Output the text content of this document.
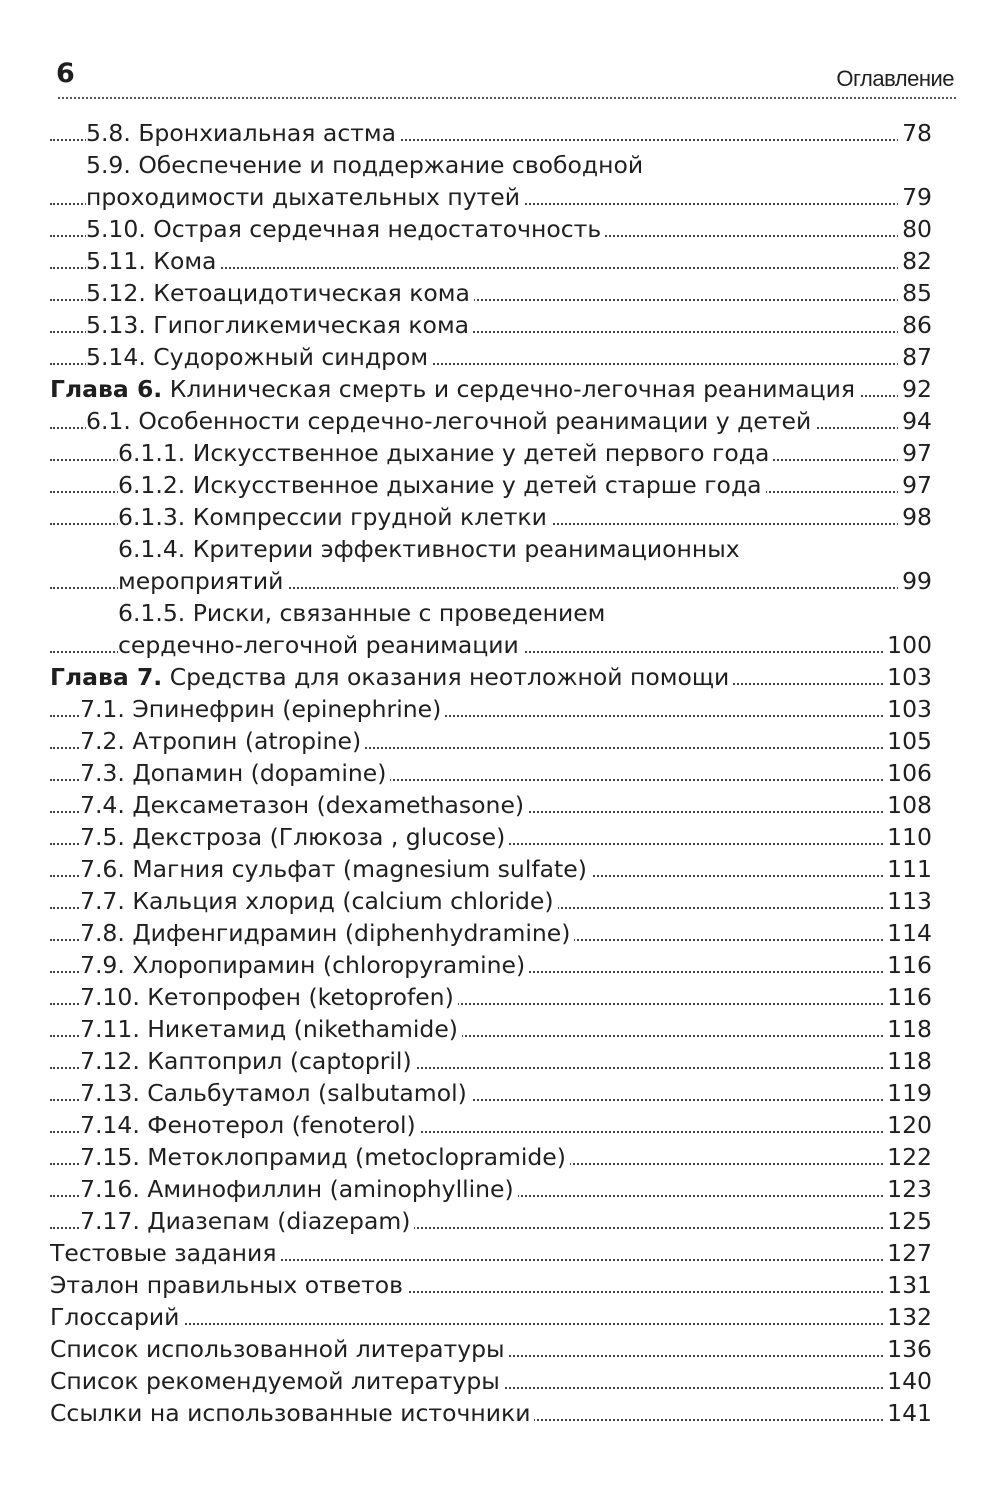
6	Оглавление
5.8. Бронхиальная астма	78
5.9. Обеспечение и поддержание свободной
проходимости дыхательных путей	79
5.10. Острая сердечная недостаточность	80
5.11. Кома	82
5.12. Кетоацидотическая кома	85
5.13. Гипогликемическая кома	86
5.14. Судорожный синдром	87
Глава 6. Клиническая смерть и сердечно-легочная реанимация 92
6.1. Особенности сердечно-легочной реанимации у детей	94
6.1.1. Искусственное дыхание у детей первого года	97
6.1.2. Искусственное дыхание у детей старше года	97
6.1.3. Компрессии грудной клетки	98
6.1.4. Критерии эффективности реанимационных
мероприятий	99
6.1.5. Риски, связанные с проведением
сердечно-легочной реанимации	100
Глава 7. Средства для оказания неотложной помощи	103
7.1. Эпинефрин (epinephrine)	103
7.2. Атропин (atropine)	105
7.3. Допамин (dopamine)	106
7.4. Дексаметазон (dexamethasone)	108
7.5. Декстроза (Глюкоза , glucose)	110
7.6. Магния сульфат (magnesium sulfate)	111
7.7. Кальция хлорид (calcium chloride)	113
7.8. Дифенгидрамин (diphenhydramine)	114
7.9. Хлоропирамин (chloropyramine)	116
7.10. Кетопрофен (ketoprofen)	116
7.11. Никетамид (nikethamide)	118
7.12. Каптоприл (captopril)	118
7.13. Сальбутамол (salbutamol)	119
7.14. Фенотерол (fenoterol)	120
7.15. Метоклопрамид (metoclopramide)	122
7.16. Аминофиллин (aminophylline)	123
7.17. Диазепам (diazepam)	125
Тестовые задания	127
Эталон правильных ответов	131
Глоссарий	132
Список использованной литературы	136
Список рекомендуемой литературы	140
Ссылки на использованные источники	141
